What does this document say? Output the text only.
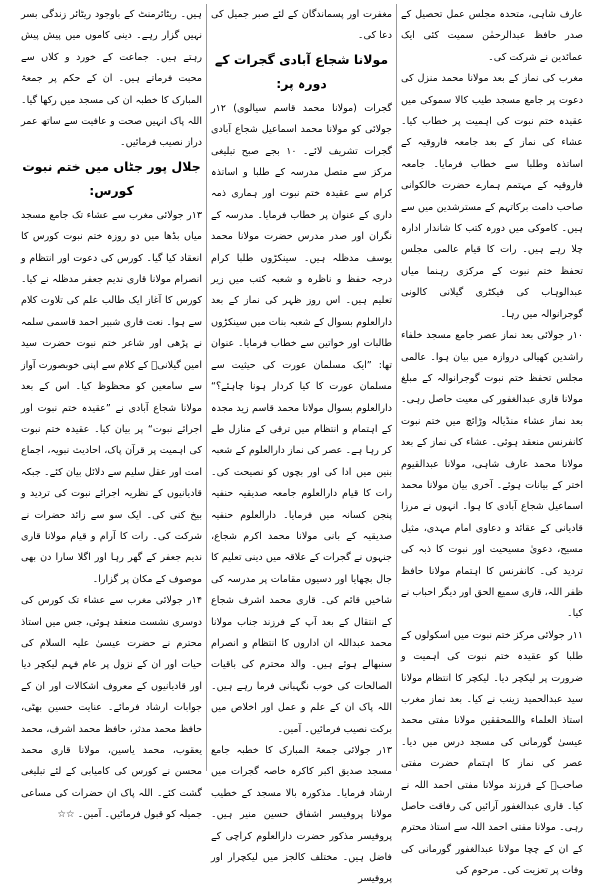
عارف شاہی، متحدہ مجلس عمل تحصیل کے صدر حافظ عبدالرحمٰن سمیت کئی ایک عمائدین نے شرکت کی۔

مغرب کی نماز کے بعد مولانا محمد منزل کی دعوت پر جامع مسجد طیب کالا سموکی میں عقیدہ ختم نبوت کی اہمیت پر خطاب کیا۔ عشاء کی نماز کے بعد جامعہ فاروقیہ کے اساتذہ وطلبا سے خطاب فرمایا۔ جامعہ فاروقیہ کے مہتمم ہمارے حضرت خالکوانی صاحب دامت برکاتہم کے مسترشدین میں سے ہیں۔ کاموکی میں دورہ کتب کا شاندار ادارہ چلا رہے ہیں۔ رات کا قیام عالمی مجلس تحفظ ختم نبوت کے مرکزی رہنما میاں عبدالوہاب کی فیکٹری گیلانی کالونی گوجرانوالہ میں رہا۔

۱۰ر جولائی بعد نماز عصر جامع مسجد خلفاء راشدین کھیالی دروازہ میں بیان ہوا۔ عالمی مجلس تحفظ ختم نبوت گوجرانوالہ کے مبلغ مولانا قاری عبدالغفور کی معیت حاصل رہی۔ بعد نماز عشاء منڈیالہ وڑائچ میں ختم نبوت کانفرنس منعقد ہوئی۔ عشاء کی نماز کے بعد مولانا محمد عارف شاہی، مولانا عبدالقیوم اختر کے بیانات ہوئے۔ آخری بیان مولانا محمد اسماعیل شجاع آبادی کا ہوا۔ انہوں نے مرزا قادیانی کے عقائد و دعاوی امام مہدی، مثیل مسیح، دعویٰ مسیحیت اور نبوت کا ذبہ کی تردید کی۔ کانفرنس کا اہتمام مولانا حافظ ظفر اللہ، قاری سمیع الحق اور دیگر احباب نے کیا۔

۱۱ر جولائی مرکز ختم نبوت میں اسکولوں کے طلبا کو عقیدہ ختم نبوت کی اہمیت و ضرورت پر لیکچر دیا۔ لیکچر کا انتظام مولانا سید عبدالحمید زینب نے کیا۔ بعد نماز مغرب استاذ العلماء واللمحققین مولانا مفتی محمد عیسیٰ گورمانی کی مسجد درس میں دیا۔ عصر کی نماز کا اہتمام حضرت مفتی صاحبؒ کے فرزند مولانا مفتی احمد اللہ نے کیا۔ قاری عبدالغفور آرائیں کی رفاقت حاصل رہی۔ مولانا مفتی احمد اللہ سے استاذ محترم کے ان کے چچا مولانا عبدالغفور گورمانی کی وفات پر تعزیت کی۔ مرحوم کی

مغفرت اور پسماندگان کے لئے صبر جمیل کی دعا کی۔

مولانا شجاع آبادی گجرات کے دورہ پر:

گجرات (مولانا محمد قاسم سیالوی) ۱۲ر جولائی کو مولانا محمد اسماعیل شجاع آبادی گجرات تشریف لائے۔ ۱۰ بجے صبح تبلیغی مرکز سے متصل مدرسہ کے طلبا و اساتذہ کرام سے عقیدہ ختم نبوت اور ہماری ذمہ داری کے عنوان پر خطاب فرمایا۔ مدرسہ کے نگران اور صدر مدرس حضرت مولانا محمد یوسف مدظلہ ہیں۔ سینکڑوں طلبا کرام درجہ حفظ و ناظرہ و شعبہ کتب میں زیر تعلیم ہیں۔ اس روز ظہر کی نماز کے بعد دارالعلوم بسوال کے شعبہ بنات میں سینکڑوں طالبات اور خواتین سے خطاب فرمایا۔ عنوان تھا: ”ایک مسلمان عورت کی حیثیت سے مسلمان عورت کا کیا کردار ہونا چاہئے؟“ دارالعلوم بسوال مولانا محمد قاسم زید مجدہ کے اہتمام و انتظام میں ترقی کے منازل طے کر رہا ہے۔ عصر کی نماز دارالعلوم کے شعبہ بنین میں ادا کی اور بچوں کو نصیحت کی۔ رات کا قیام دارالعلوم جامعہ صدیقیہ حنفیہ پنجن کسانہ میں فرمایا۔ دارالعلوم حنفیہ صدیقیہ کے بانی مولانا محمد اکرم شجاع، جنہوں نے گجرات کے علاقہ میں دینی تعلیم کا جال بچھایا اور دسیوں مقامات پر مدرسہ کی شاخیں قائم کی۔ قاری محمد اشرف شجاع کے انتقال کے بعد آپ کے فرزند جناب مولانا محمد عبداللہ ان اداروں کا انتظام و انصرام سنبھالے ہوئے ہیں۔ والد محترم کی باقیات الصالحات کی خوب نگہبانی فرما رہے ہیں۔ اللہ پاک ان کے علم و عمل اور اخلاص میں برکت نصیب فرمائیں۔ آمین۔

۱۳ر جولائی جمعۃ المبارک کا خطبہ جامع مسجد صدیق اکبر کاکرہ خاصہ گجرات میں ارشاد فرمایا۔ مذکورہ بالا مسجد کے خطیب مولانا پروفیسر اشفاق حسین منیر ہیں۔ پروفیسر مذکور حضرت دارالعلوم کراچی کے فاضل ہیں۔ مختلف کالجز میں لیکچرار اور پروفیسر

ہیں۔ ریٹائرمنٹ کے باوجود ریٹائر زندگی بسر نہیں گزار رہے۔ دینی کاموں میں پیش پیش رہتے ہیں۔ جماعت کے خورد و کلاں سے محبت فرماتے ہیں۔ ان کے حکم پر جمعۃ المبارک کا خطبہ ان کی مسجد میں رکھا گیا۔ اللہ پاک انہیں صحت و عافیت سے ساتھ عمر دراز نصیب فرمائیں۔

جلال پور جٹاں میں ختم نبوت کورس:

۱۳ر جولائی مغرب سے عشاء تک جامع مسجد میاں بڈھا میں دو روزہ ختم نبوت کورس کا انعقاد کیا گیا۔ کورس کی دعوت اور انتظام و انصرام مولانا قاری ندیم جعفر مدظلہ نے کیا۔ کورس کا آغاز ایک طالب علم کی تلاوت کلام سے ہوا۔ نعت قاری شبیر احمد قاسمی سلمہ نے پڑھی اور شاعر ختم نبوت حضرت سید امین گیلانیؒ کے کلام سے اپنی خوبصورت آواز سے سامعین کو محظوظ کیا۔ اس کے بعد مولانا شجاع آبادی نے ”عقیدہ ختم نبوت اور اجرائے نبوت“ پر بیان کیا۔ عقیدہ ختم نبوت کی اہمیت پر قرآن پاک، احادیث نبویہ، اجماع امت اور عقل سلیم سے دلائل بیان کئے۔ جبکہ قادیانیوں کے نظریہ اجرائے نبوت کی تردید و بیخ کنی کی۔ ایک سو سے زائد حضرات نے شرکت کی۔ رات کا آرام و قیام مولانا قاری ندیم جعفر کے گھر رہا اور اگلا سارا دن بھی موصوف کے مکان پر گزارا۔

۱۴ر جولائی مغرب سے عشاء تک کورس کی دوسری نشست منعقد ہوئی، جس میں استاذ محترم نے حضرت عیسیٰ علیہ السلام کی حیات اور ان کے نزول پر عام فہم لیکچر دیا اور قادیانیوں کے معروف اشکالات اور ان کے جوابات ارشاد فرمائے۔ عنایت حسین بھٹی، حافظ محمد مدثر، حافظ محمد اشرف، محمد یعقوب، محمد یاسین، مولانا قاری محمد محسن نے کورس کی کامیابی کے لئے تبلیغی گشت کئے۔ اللہ پاک ان حضرات کی مساعی جمیلہ کو قبول فرمائیں۔ آمین۔ ☆☆
